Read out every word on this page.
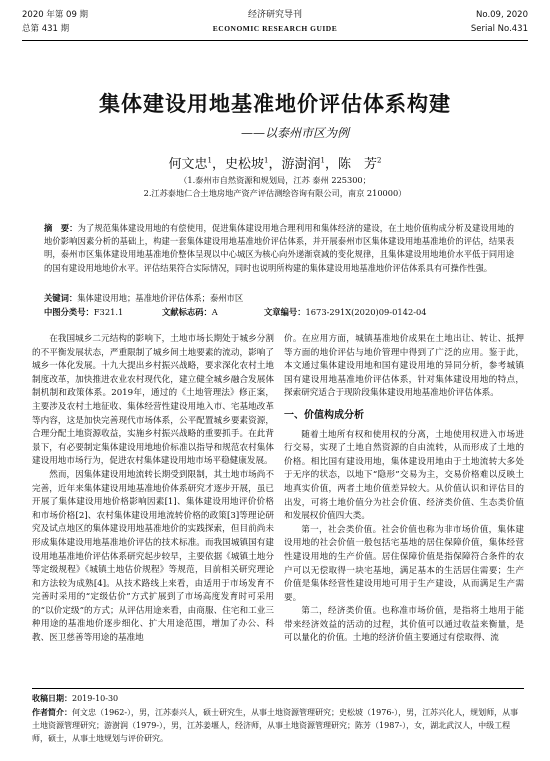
2020 年第 09 期
总第 431 期
经济研究导刊
ECONOMIC RESEARCH GUIDE
No.09, 2020
Serial No.431
集体建设用地基准地价评估体系构建
——以泰州市区为例
何文忠$^1$，史松坡$^1$，游澍润$^1$，陈　芳$^2$
（1.泰州市自然资源和规划局，江苏 泰州 225300；
2.江苏泰地仁合土地房地产资产评估测绘咨询有限公司，南京 210000）
摘　要：为了规范集体建设用地的有偿使用，促进集体建设用地合理利用和集体经济的建设，在土地价值构成分析及建设用地的地价影响因素分析的基础上，构建一套集体建设用地基准地价评估体系，并开展泰州市区集体建设用地基准地价的评估，结果表明，泰州市区集体建设用地基准地价整体呈现以中心城区为核心向外递渐衰减的变化规律，且集体建设用地地价水平低于同用途的国有建设用地地价水平。评估结果符合实际情况，同时也说明所构建的集体建设用地基准地价评估体系具有可操作性强。
关键词：集体建设用地；基准地价评估体系；泰州市区
中图分类号：F321.1	文献标志码：A	文章编号：1673-291X(2020)09-0142-04

在我国城乡二元结构的影响下，土地市场长期处于城乡分割的不平衡发展状态，严重限制了城乡间土地要素的流动，影响了城乡一体化发展。十九大提出乡村振兴战略，要求深化农村土地制度改革，加快推进农业农村现代化，建立健全城乡融合发展体制机制和政策体系。2019年，通过的《土地管理法》修正案，主要涉及农村土地征收、集体经营性建设用地入市、宅基地改革等内容，这是加快完善现代市场体系，公平配置城乡要素资源，合理分配土地资源收益，实施乡村振兴战略的重要抓手。在此背景下，有必要制定集体建设用地地价标准以指导和规范农村集体建设用地市场行为，促进农村集体建设用地市场平稳健康发展。

然而，因集体建设用地流转长期受到限制，其土地市场尚不完善，近年来集体建设用地基准地价体系研究才逐步开展，虽已开展了集体建设用地价格影响因素[1]、集体建设用地评价价格和市场价格[2]、农村集体建设用地流转价格的政策[3]等理论研究及试点地区的集体建设用地基准地价的实践探索，但目前尚未形成集体建设用地基准地价评估的技术标准。而我国城镇国有建设用地基准地价评估体系研究起步较早，主要依据《城镇土地分等定级规程》《城镇土地估价规程》等规范，目前相关研究理论和方法较为成熟[4]。从技术路线上来看，由适用于市场发育不完善时采用的“定级估价”方式扩展到了市场高度发育时可采用的“以价定级”的方式；从评估用途来看，由商服、住宅和工业三种用途的基准地价逐步细化、扩大用途范围，增加了办公、科教、医卫慈善等用途的基准地

价。在应用方面，城镇基准地价成果在土地出让、转让、抵押等方面的地价评估与地价管理中得到了广泛的应用。鉴于此，本文通过集体建设用地和国有建设用地的异同分析，参考城镇国有建设用地基准地价评估体系，针对集体建设用地的特点，探索研究适合于现阶段集体建设用地基准地价评估体系。

一、价值构成分析

随着土地所有权和使用权的分离，土地使用权进入市场进行交易，实现了土地自然资源的自由流转，从而形成了土地的价格。相比国有建设用地，集体建设用地由于土地流转大多处于无序的状态，以地下“隐形”交易为主，交易价格难以反映土地真实价值，两者土地价值差异较大。从价值认识和评估目的出发，可将土地价值分为社会价值、经济类价值、生态类价值和发展权价值四大类。

第一，社会类价值。社会价值也称为非市场价值，集体建设用地的社会价值一般包括宅基地的居住保障价值，集体经营性建设用地的生产价值。居住保障价值是指保障符合条件的农户可以无偿取得一块宅基地，满足基本的生活居住需要；生产价值是集体经营性建设用地可用于生产建设，从而满足生产需要。

第二，经济类价值。也称准市场价值，是指将土地用于能带来经济效益的活动的过程，其价值可以通过收益来衡量，是可以量化的价值。土地的经济价值主要通过有偿取得、流

收稿日期：2019-10-30
作者简介：何文忠（1962-），男，江苏泰兴人，硕士研究生，从事土地资源管理研究；史松坡（1976-），男，江苏兴化人，规划师，从事土地资源管理研究；游澍润（1979-），男，江苏姜堰人，经济师，从事土地资源管理研究；陈芳（1987-），女，湖北武汉人，中级工程师，硕士，从事土地规划与评价研究。
